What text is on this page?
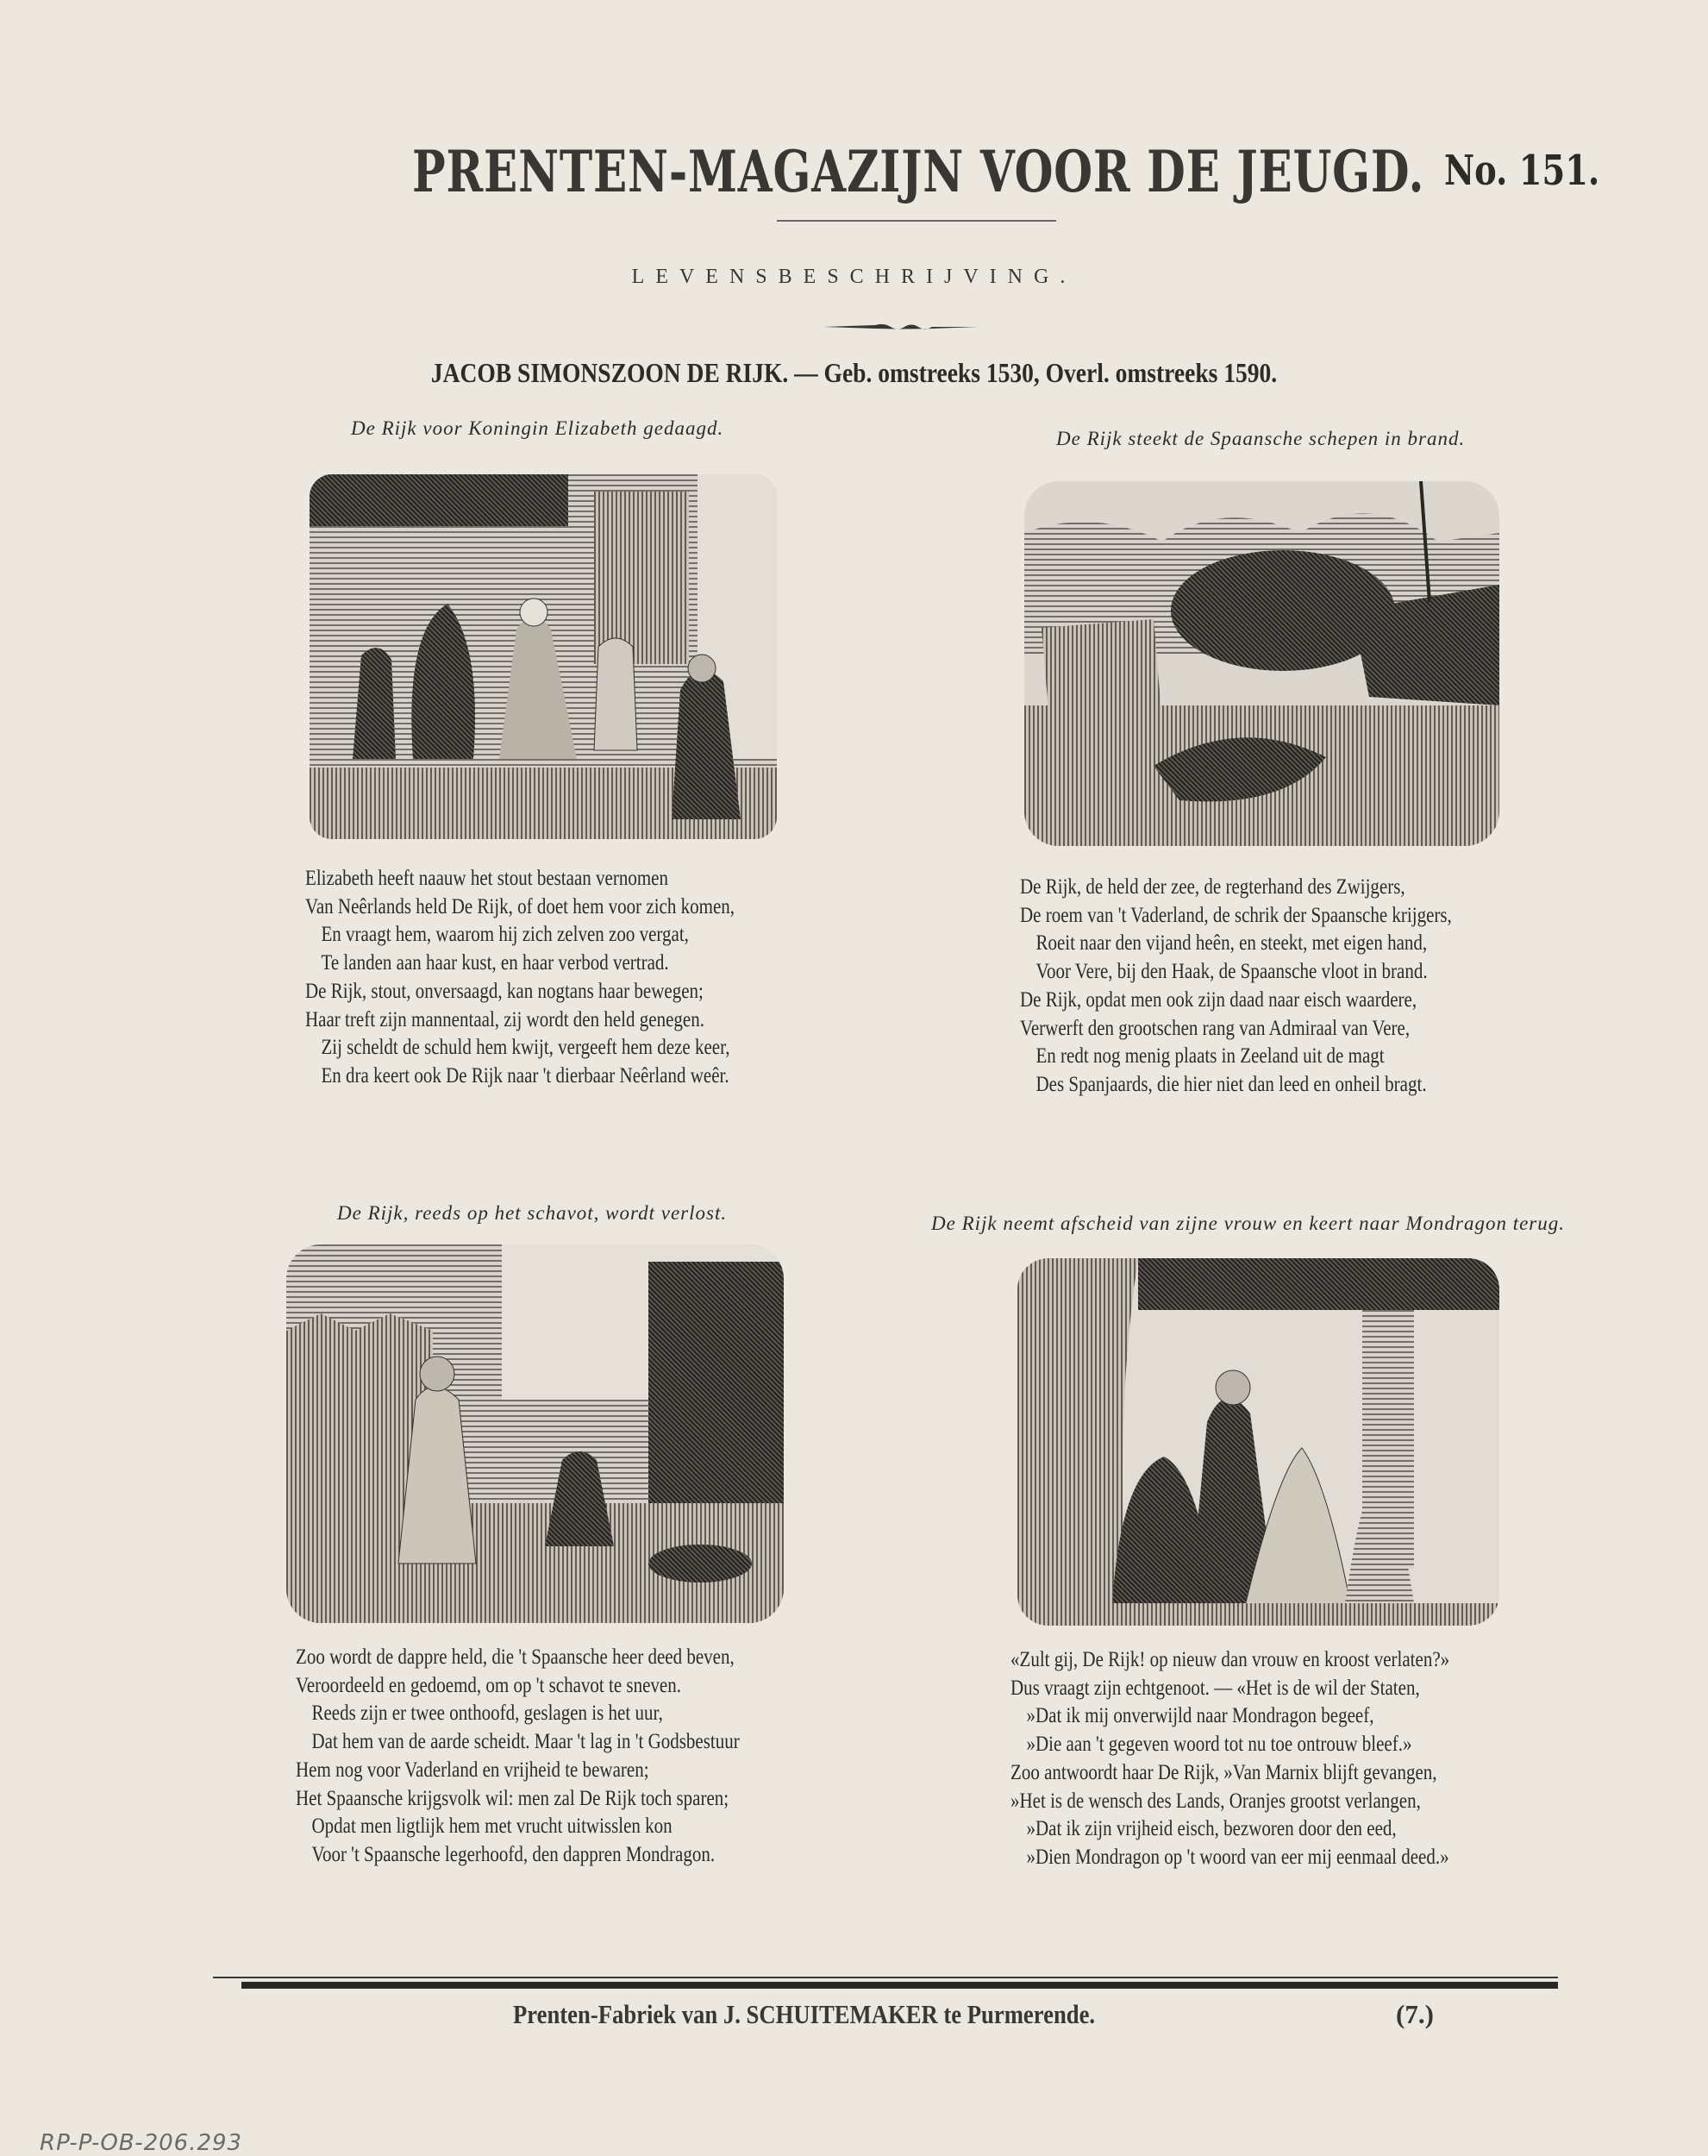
PRENTEN-MAGAZIJN VOOR DE JEUGD. No. 151.
LEVENSBESCHRIJVING.
JACOB SIMONSZOON DE RIJK. — Geb. omstreeks 1530, Overl. omstreeks 1590.
De Rijk voor Koningin Elizabeth gedaagd.
Elizabeth heeft naauw het stout bestaan vernomen
Van Neêrlands held De Rijk, of doet hem voor zich komen,
En vraagt hem, waarom hij zich zelven zoo vergat,
Te landen aan haar kust, en haar verbod vertrad.
De Rijk, stout, onversaagd, kan nogtans haar bewegen;
Haar treft zijn mannentaal, zij wordt den held genegen.
Zij scheldt de schuld hem kwijt, vergeeft hem deze keer,
En dra keert ook De Rijk naar 't dierbaar Neêrland weêr.
De Rijk steekt de Spaansche schepen in brand.
De Rijk, de held der zee, de regterhand des Zwijgers,
De roem van 't Vaderland, de schrik der Spaansche krijgers,
Roeit naar den vijand heên, en steekt, met eigen hand,
Voor Vere, bij den Haak, de Spaansche vloot in brand.
De Rijk, opdat men ook zijn daad naar eisch waardere,
Verwerft den grootschen rang van Admiraal van Vere,
En redt nog menig plaats in Zeeland uit de magt
Des Spanjaards, die hier niet dan leed en onheil bragt.
De Rijk, reeds op het schavot, wordt verlost.
Zoo wordt de dappre held, die 't Spaansche heer deed beven,
Veroordeeld en gedoemd, om op 't schavot te sneven.
Reeds zijn er twee onthoofd, geslagen is het uur,
Dat hem van de aarde scheidt. Maar 't lag in 't Godsbestuur
Hem nog voor Vaderland en vrijheid te bewaren;
Het Spaansche krijgsvolk wil: men zal De Rijk toch sparen;
Opdat men ligtlijk hem met vrucht uitwisslen kon
Voor 't Spaansche legerhoofd, den dappren Mondragon.
De Rijk neemt afscheid van zijne vrouw en keert naar Mondragon terug.
«Zult gij, De Rijk! op nieuw dan vrouw en kroost verlaten?»
Dus vraagt zijn echtgenoot. — «Het is de wil der Staten,
»Dat ik mij onverwijld naar Mondragon begeef,
»Die aan 't gegeven woord tot nu toe ontrouw bleef.»
Zoo antwoordt haar De Rijk, »Van Marnix blijft gevangen,
»Het is de wensch des Lands, Oranjes grootst verlangen,
»Dat ik zijn vrijheid eisch, bezworen door den eed,
»Dien Mondragon op 't woord van eer mij eenmaal deed.»
Prenten-Fabriek van J. SCHUITEMAKER te Purmerende.	(7.)
RP-P-OB-206.293
